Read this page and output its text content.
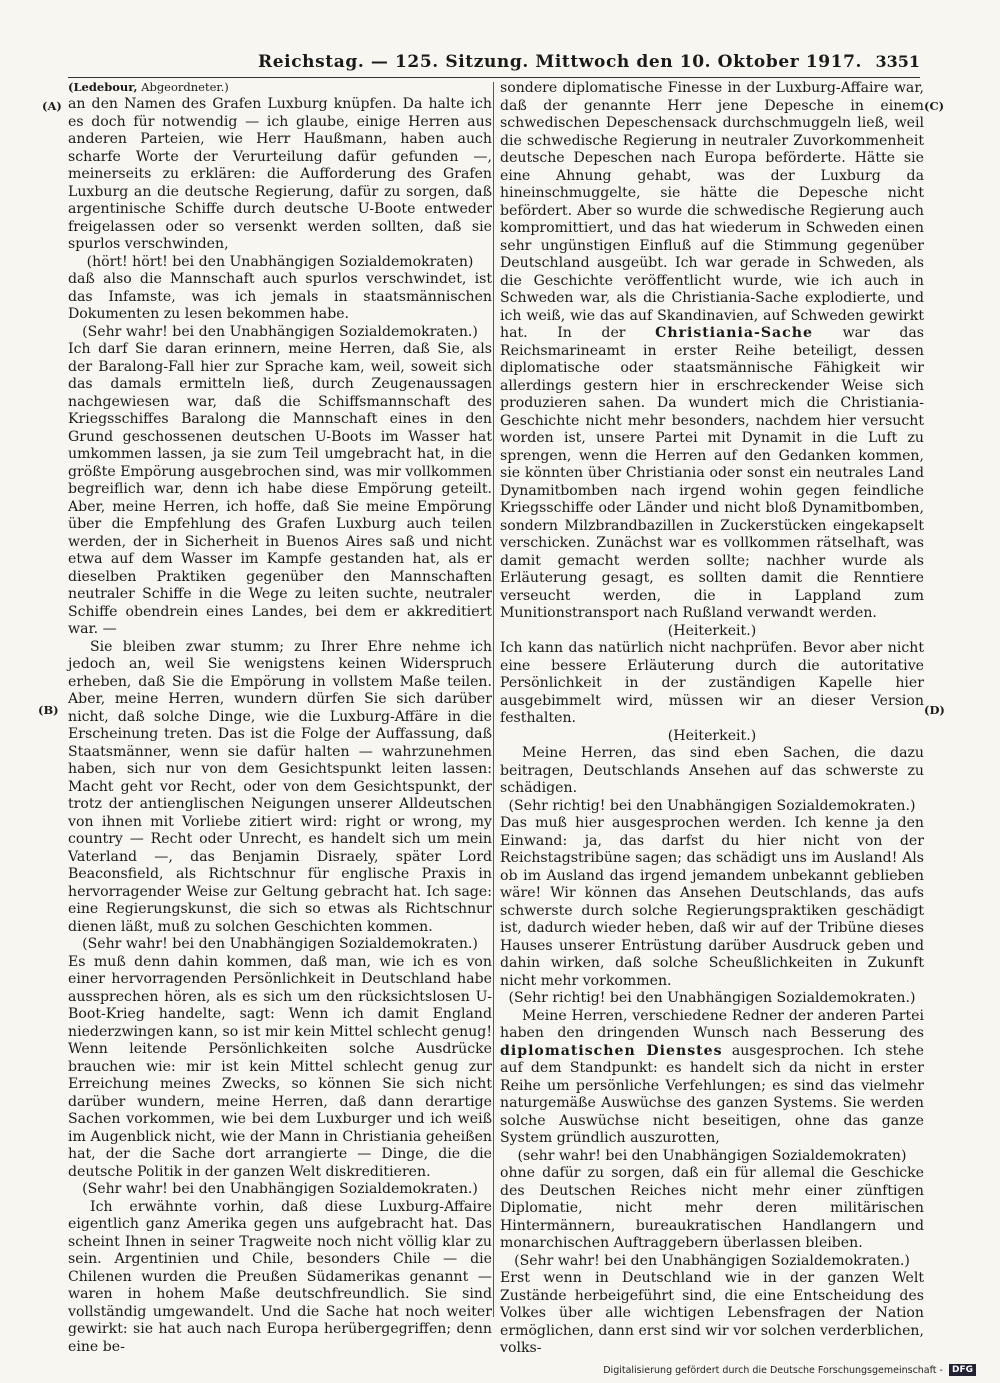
Reichstag. — 125. Sitzung. Mittwoch den 10. Oktober 1917. 3351
(A)
(B)
(C)
(D)

(Ledebour, Abgeordneter.)

an den Namen des Grafen Luxburg knüpfen. Da halte ich es doch für notwendig — ich glaube, einige Herren aus anderen Parteien, wie Herr Haußmann, haben auch scharfe Worte der Verurteilung dafür gefunden —, meinerseits zu erklären: die Aufforderung des Grafen Luxburg an die deutsche Regierung, dafür zu sorgen, daß argentinische Schiffe durch deutsche U-Boote entweder freigelassen oder so versenkt werden sollten, daß sie spurlos verschwinden,

(hört! hört! bei den Unabhängigen Sozialdemokraten)

daß also die Mannschaft auch spurlos verschwindet, ist das Infamste, was ich jemals in staatsmännischen Dokumenten zu lesen bekommen habe.

(Sehr wahr! bei den Unabhängigen Sozialdemokraten.)

Ich darf Sie daran erinnern, meine Herren, daß Sie, als der Baralong-Fall hier zur Sprache kam, weil, soweit sich das damals ermitteln ließ, durch Zeugenaussagen nachgewiesen war, daß die Schiffsmannschaft des Kriegsschiffes Baralong die Mannschaft eines in den Grund geschossenen deutschen U-Boots im Wasser hat umkommen lassen, ja sie zum Teil umgebracht hat, in die größte Empörung ausgebrochen sind, was mir vollkommen begreiflich war, denn ich habe diese Empörung geteilt. Aber, meine Herren, ich hoffe, daß Sie meine Empörung über die Empfehlung des Grafen Luxburg auch teilen werden, der in Sicherheit in Buenos Aires saß und nicht etwa auf dem Wasser im Kampfe gestanden hat, als er dieselben Praktiken gegenüber den Mannschaften neutraler Schiffe in die Wege zu leiten suchte, neutraler Schiffe obendrein eines Landes, bei dem er akkreditiert war. —

Sie bleiben zwar stumm; zu Ihrer Ehre nehme ich jedoch an, weil Sie wenigstens keinen Widerspruch erheben, daß Sie die Empörung in vollstem Maße teilen. Aber, meine Herren, wundern dürfen Sie sich darüber nicht, daß solche Dinge, wie die Luxburg-Affäre in die Erscheinung treten. Das ist die Folge der Auffassung, daß Staatsmänner, wenn sie dafür halten — wahrzunehmen haben, sich nur von dem Gesichtspunkt leiten lassen: Macht geht vor Recht, oder von dem Gesichtspunkt, der trotz der antienglischen Neigungen unserer Alldeutschen von ihnen mit Vorliebe zitiert wird: right or wrong, my country — Recht oder Unrecht, es handelt sich um mein Vaterland —, das Benjamin Disraely, später Lord Beaconsfield, als Richtschnur für englische Praxis in hervorragender Weise zur Geltung gebracht hat. Ich sage: eine Regierungskunst, die sich so etwas als Richtschnur dienen läßt, muß zu solchen Geschichten kommen.

(Sehr wahr! bei den Unabhängigen Sozialdemokraten.)

Es muß denn dahin kommen, daß man, wie ich es von einer hervorragenden Persönlichkeit in Deutschland habe aussprechen hören, als es sich um den rücksichtslosen U-Boot-Krieg handelte, sagt: Wenn ich damit England niederzwingen kann, so ist mir kein Mittel schlecht genug! Wenn leitende Persönlichkeiten solche Ausdrücke brauchen wie: mir ist kein Mittel schlecht genug zur Erreichung meines Zwecks, so können Sie sich nicht darüber wundern, meine Herren, daß dann derartige Sachen vorkommen, wie bei dem Luxburger und ich weiß im Augenblick nicht, wie der Mann in Christiania geheißen hat, der die Sache dort arrangierte — Dinge, die die deutsche Politik in der ganzen Welt diskreditieren.

(Sehr wahr! bei den Unabhängigen Sozialdemokraten.)

Ich erwähnte vorhin, daß diese Luxburg-Affaire eigentlich ganz Amerika gegen uns aufgebracht hat. Das scheint Ihnen in seiner Tragweite noch nicht völlig klar zu sein. Argentinien und Chile, besonders Chile — die Chilenen wurden die Preußen Südamerikas genannt — waren in hohem Maße deutschfreundlich. Sie sind vollständig umgewandelt. Und die Sache hat noch weiter gewirkt: sie hat auch nach Europa herübergegriffen; denn eine be-

sondere diplomatische Finesse in der Luxburg-Affaire war, daß der genannte Herr jene Depesche in einem schwedischen Depeschensack durchschmuggeln ließ, weil die schwedische Regierung in neutraler Zuvorkommenheit deutsche Depeschen nach Europa beförderte. Hätte sie eine Ahnung gehabt, was der Luxburg da hineinschmuggelte, sie hätte die Depesche nicht befördert. Aber so wurde die schwedische Regierung auch kompromittiert, und das hat wiederum in Schweden einen sehr ungünstigen Einfluß auf die Stimmung gegenüber Deutschland ausgeübt. Ich war gerade in Schweden, als die Geschichte veröffentlicht wurde, wie ich auch in Schweden war, als die Christiania-Sache explodierte, und ich weiß, wie das auf Skandinavien, auf Schweden gewirkt hat. In der Christiania-Sache war das Reichsmarineamt in erster Reihe beteiligt, dessen diplomatische oder staatsmännische Fähigkeit wir allerdings gestern hier in erschreckender Weise sich produzieren sahen. Da wundert mich die Christiania-Geschichte nicht mehr besonders, nachdem hier versucht worden ist, unsere Partei mit Dynamit in die Luft zu sprengen, wenn die Herren auf den Gedanken kommen, sie könnten über Christiania oder sonst ein neutrales Land Dynamitbomben nach irgend wohin gegen feindliche Kriegsschiffe oder Länder und nicht bloß Dynamitbomben, sondern Milzbrandbazillen in Zuckerstücken eingekapselt verschicken. Zunächst war es vollkommen rätselhaft, was damit gemacht werden sollte; nachher wurde als Erläuterung gesagt, es sollten damit die Renntiere verseucht werden, die in Lappland zum Munitionstransport nach Rußland verwandt werden.

(Heiterkeit.)

Ich kann das natürlich nicht nachprüfen. Bevor aber nicht eine bessere Erläuterung durch die autoritative Persönlichkeit in der zuständigen Kapelle hier ausgebimmelt wird, müssen wir an dieser Version festhalten.

(Heiterkeit.)

Meine Herren, das sind eben Sachen, die dazu beitragen, Deutschlands Ansehen auf das schwerste zu schädigen.

(Sehr richtig! bei den Unabhängigen Sozialdemokraten.)

Das muß hier ausgesprochen werden. Ich kenne ja den Einwand: ja, das darfst du hier nicht von der Reichstagstribüne sagen; das schädigt uns im Ausland! Als ob im Ausland das irgend jemandem unbekannt geblieben wäre! Wir können das Ansehen Deutschlands, das aufs schwerste durch solche Regierungspraktiken geschädigt ist, dadurch wieder heben, daß wir auf der Tribüne dieses Hauses unserer Entrüstung darüber Ausdruck geben und dahin wirken, daß solche Scheußlichkeiten in Zukunft nicht mehr vorkommen.

(Sehr richtig! bei den Unabhängigen Sozialdemokraten.)

Meine Herren, verschiedene Redner der anderen Partei haben den dringenden Wunsch nach Besserung des diplomatischen Dienstes ausgesprochen. Ich stehe auf dem Standpunkt: es handelt sich da nicht in erster Reihe um persönliche Verfehlungen; es sind das vielmehr naturgemäße Auswüchse des ganzen Systems. Sie werden solche Auswüchse nicht beseitigen, ohne das ganze System gründlich auszurotten,

(sehr wahr! bei den Unabhängigen Sozialdemokraten)

ohne dafür zu sorgen, daß ein für allemal die Geschicke des Deutschen Reiches nicht mehr einer zünftigen Diplomatie, nicht mehr deren militärischen Hintermännern, bureaukratischen Handlangern und monarchischen Auftraggebern überlassen bleiben.

(Sehr wahr! bei den Unabhängigen Sozialdemokraten.)

Erst wenn in Deutschland wie in der ganzen Welt Zustände herbeigeführt sind, die eine Entscheidung des Volkes über alle wichtigen Lebensfragen der Nation ermöglichen, dann erst sind wir vor solchen verderblichen, volks-

Digitalisierung gefördert durch die Deutsche Forschungsgemeinschaft -	DFG
